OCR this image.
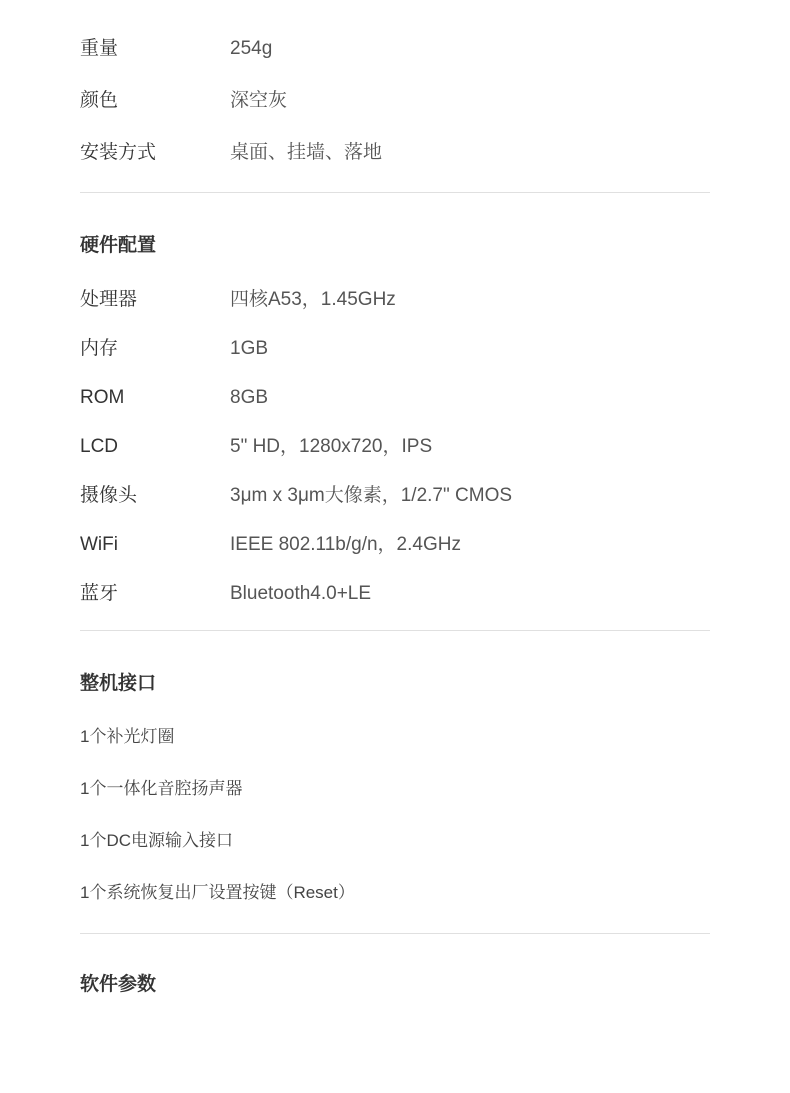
重量	254g
颜色	深空灰
安装方式	桌面、挂墙、落地
硬件配置
处理器	四核A53，1.45GHz
内存	1GB
ROM	8GB
LCD	5" HD，1280x720，IPS
摄像头	3μm x 3μm大像素，1/2.7" CMOS
WiFi	IEEE 802.11b/g/n，2.4GHz
蓝牙	Bluetooth4.0+LE
整机接口
1个补光灯圈
1个一体化音腔扬声器
1个DC电源输入接口
1个系统恢复出厂设置按键（Reset）
软件参数
